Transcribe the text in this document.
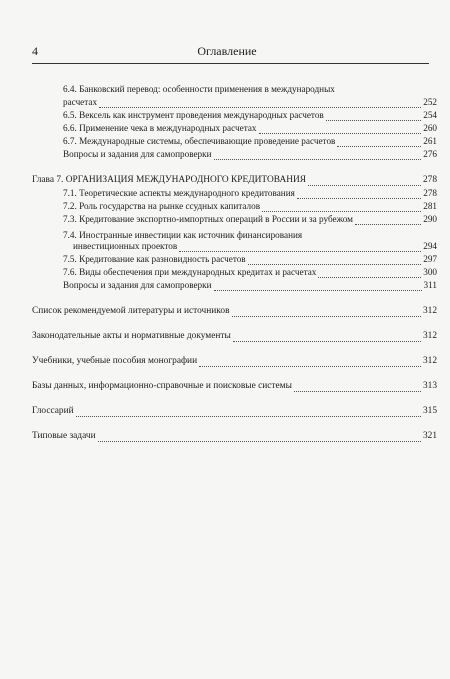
4	Оглавление
6.4. Банковский перевод: особенности применения в международных
расчетах	252
6.5. Вексель как инструмент проведения международных расчетов	254
6.6. Применение чека в международных расчетах	260
6.7. Международные системы, обеспечивающие проведение расчетов	261
Вопросы и задания для самопроверки	276
Глава 7. ОРГАНИЗАЦИЯ МЕЖДУНАРОДНОГО КРЕДИТОВАНИЯ	278
7.1. Теоретические аспекты международного кредитования	278
7.2. Роль государства на рынке ссудных капиталов	281
7.3. Кредитование экспортно-импортных операций в России и за рубежом	290
7.4. Иностранные инвестиции как источник финансирования
инвестиционных проектов	294
7.5. Кредитование как разновидность расчетов	297
7.6. Виды обеспечения при международных кредитах и расчетах	300
Вопросы и задания для самопроверки	311
Список рекомендуемой литературы и источников	312
Законодательные акты и нормативные документы	312
Учебники, учебные пособия монографии	312
Базы данных, информационно-справочные и поисковые системы	313
Глоссарий	315
Типовые задачи	321
